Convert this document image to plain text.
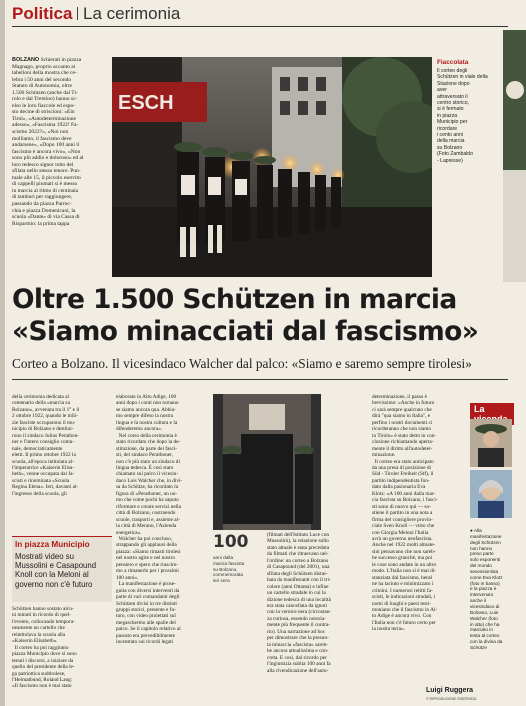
Politica La cerimonia
BOLZANO Schierati in piazza
Magnago, proprio accanto ai
tabelloni della mostra che ce-
lebra i 50 anni del secondo
Statuto di Autonomia, oltre
1.500 Schützen (anche dal Ti-
rolo e dal Trentino) hanno sc-
elso le loro fiaccole ed espo-
sto decine di striscioni: «Ein
Tirol», «Autodeterminazione
adesso», «Fascisma 1922! Fa-
scismo 2022?», «Noi non
molliamo, il fascismo deve
andarsene», «Dopo 100 anni il
fascismo è ancora vivo», «Non
sono più addio e doloroso» ed al
loro tedesco signor tutto del
sfilata nello stesso tenore. Pun-
tuale alle 15, il piccolo esercito
di cappelli piumati si è messo
in marcia al ritmo di centinaia
di tamburi per raggiungere,
passando da piazza Parroc-
chia e piazza Domenicani, la
scuola «Dante» di via Cassa di
Risparmio: la prima tappa
ESCH
Fiaccolata
Il corteo degli
Schützen in viale della
Stazione dopo
aver
attraversato il
centro storico,
si è fermato
in piazza
Municipio per
ricordare
i cento anni
della marcia
su Bolzano
(Foto Zambaldo
- Lapresse)
Oltre 1.500 Schützen in marcia
«Siamo minacciati dal fascismo»
Corteo a Bolzano. Il vicesindaco Walcher dal palco: «Siamo e saremo sempre tirolesi»
della cerimonia dedicata al
centenario della «marcia su
Bolzano», avvenuta tra il 1° e il
2 ottobre 1922, quando le mili-
zie fasciste occuparono il mu-
nicipio di Bolzano e destitui-
rono il sindaco Julius Perathon-
ner e l'intero consiglio comu-
nale, democraticamente
eletti. Il primo ottobre 1922 la
scuola, all'epoca intitolata al-
l'imperatrice «Kaiserin Elisa-
beth», venne occupata dai fa-
scisti e rinominata «Scuola
Regina Elena». Ieri, davanti al-
l'ingresso della scuola, gli
In piazza Municipio
Mostrati video su
Mussolini e Casapound
Knoll con la Meloni al
governo non c'è futuro
Schützen hanno sostato alcu-
ni minuti in ricordo di quel-
l'evento, collocando tempora-
neamente un cartello che
reintitolava la scuola alla
«Kaiserin Elisabeth».
Il corteo ha poi raggiunto
piazza Municipio dove si sono
tenuti i discorsi, a iniziare da
quello del presidente della le-
ga patriottica sudtirolese,
l'Heimatbund, Roland Lang:
«Il fascismo non è mai stato
elaborato in Alto Adige, 100
anni dopo i conti non tornano
se siamo ancora qua. Abbia-
mo sempre difeso la nostra
lingua e la nostra cultura e la
difenderemo ancora».
Nel corso della cerimonia è
stato ricordato che dopo la de-
stituzione, da parte dei fasci-
sti, del sindaco Perathoner,
non c'è più stato un sindaco di
lingua tedesca. È così stato
chiamato sul palco il vicesin-
daco Luis Walcher che, in divi-
sa da Schütze, ha ricordato la
figura di «Perathoner, un uo-
mo che come pochi ha saputo
riformare e creare servizi nella
città di Bolzano, costruendo
scuole, trasporti e, assieme al-
la città di Merano, l'Azienda
energetica».
Walcher ha poi concluso,
strappando gli applausi della
piazza: «Siamo rimasti tirolesi
nel nostro agire e nel nostro
pensiero e spero che riuscire-
mo a rimanerlo per i prossimi
100 anni».
La manifestazione è prose-
guita con diversi interventi da
parte di vari comandanti degli
Schützen divisi in tre distinti
gruppi storici, presente e fu-
turo, con video proiettati sul
megaschermo alle spalle del
palco. Se il capitolo relativo al
passato era prevedibilmente
incentrato sui ricordi legati
100
anni dalla
marcia fascista
su Bolzano,
commemorata
ieri sera
(filmati dell'Istituto Luce con
Mussolini), la relazione sullo
stato attuale è stata preceduta
da filmati che ritraevano nel-
l'ordine: un corteo a Bolzano
di Casapound (del 2001), una
sfilata degli Schützen distur-
bata da manifestanti con il tri-
colore (anni Ottanta) e infine
un cartello stradale in cui la
dizione tedesca di una località
era stata cancellata da ignoti
con la vernice nera (circostan-
za curiosa, essendo notoria-
mente più frequente il contra-
rio). Una narrazione ad hoc
per dimostrare che la presun-
ta minaccia «fascista» sareb-
be ancora attualissima e con-
creta. E così, dal ricordo per
l'ingiustizia subita 100 anni fa
alla rivendicazione dell'auto-
determinazione, il passo è
brevissimo: «Anche in futuro
ci sarà sempre qualcuno che
dirà "qua siamo in Italia", e
perfino i nostri documenti ci
ricorderanno che non siamo
in Tirolo» è stato detto in con-
clusione richiamando apertа-
mente il diritto all'autodeter-
minazione.
Il corteo era stato anticipato
da una presa di posizione di
Süd - Tiroler Freiheit (Stf), il
partito indipendentista fon-
dato dalla pasionaria Eva
Klotz: «A 100 anni dalla mar-
cia fascista su Bolzano, i fasci-
sti sono di nuovo qui — so-
stiene il partito in una nota a
firma del consigliere provin-
ciale Sven Knoll — visto che
con Giorgia Meloni l'Italia
avrà un governo neofascista.
Anche nel 1922 molti altoate-
sini pensavano che non sareb-
be successo granché, ma poi
le cose sono andate in un altro
modo. L'Italia non si è mai di-
stanziata dal fascismo, bensì
ne ha taciuto e minimizzato i
crimini. I numerosi relitti fa-
scisti, le indicazioni stradali, i
nomi di luoghi e paesi testi-
moniano che il fascismo in Al-
to Adige è ancora vivo. Con
l'Italia non c'è futuro certo per
la nostra terra».
La
● Alla
manifestazione
degli Schützen
non hanno
preso parte
solo esponenti
del mondo
secessionista
come Eva Klotz
(foto in basso)
e la piazza è
intervenuto
anche il
vicesindaco di
Bolzano, Luis
Walcher (foto
in alto) che ha
marciato in
testa al corteo
con la divisa da
Schütze
Luigi Ruggera
© RIPRODUZIONE RISERVATA
